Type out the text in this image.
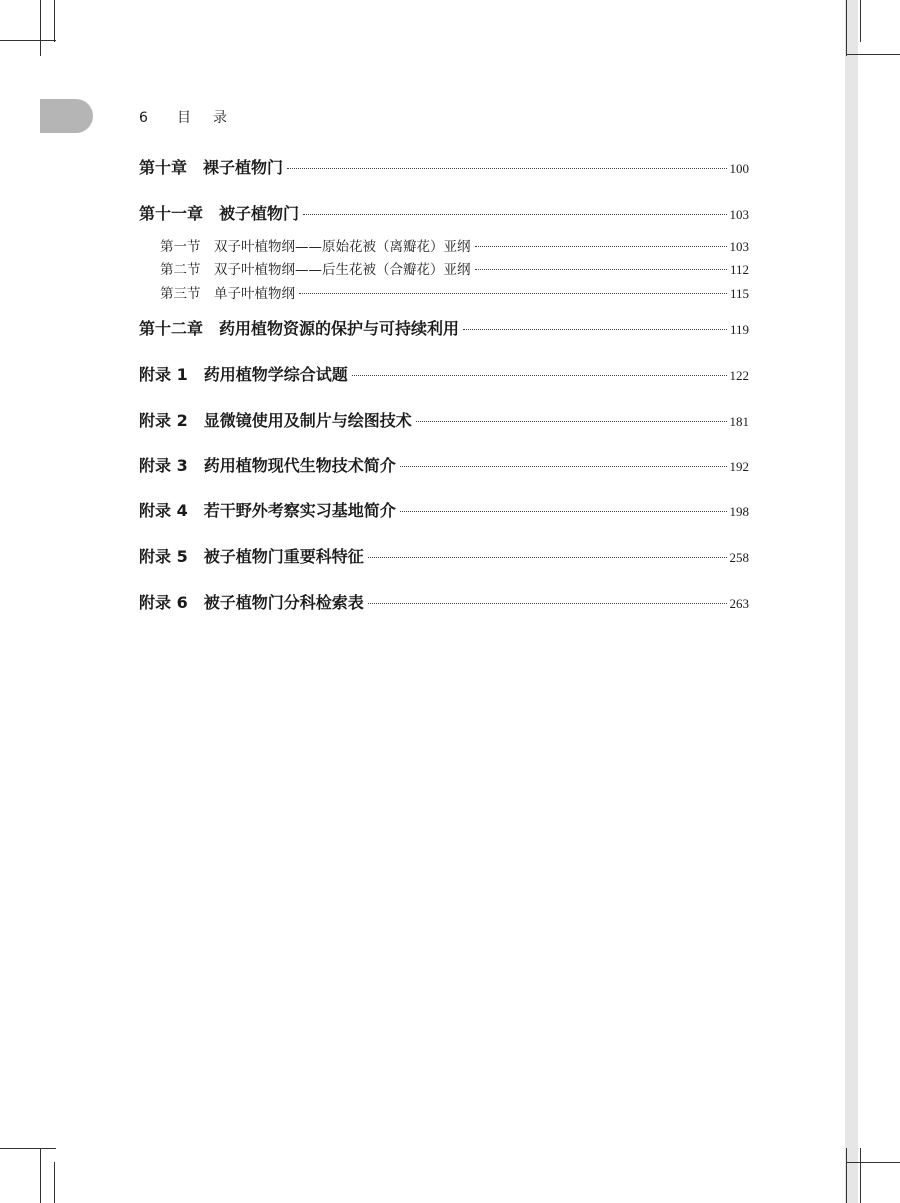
6 目录
第十章　裸子植物门	100
第十一章　被子植物门	103
第一节　双子叶植物纲——原始花被（离瓣花）亚纲	103
第二节　双子叶植物纲——后生花被（合瓣花）亚纲	112
第三节　单子叶植物纲	115
第十二章　药用植物资源的保护与可持续利用	119
附录 1　药用植物学综合试题	122
附录 2　显微镜使用及制片与绘图技术	181
附录 3　药用植物现代生物技术简介	192
附录 4　若干野外考察实习基地简介	198
附录 5　被子植物门重要科特征	258
附录 6　被子植物门分科检索表	263
